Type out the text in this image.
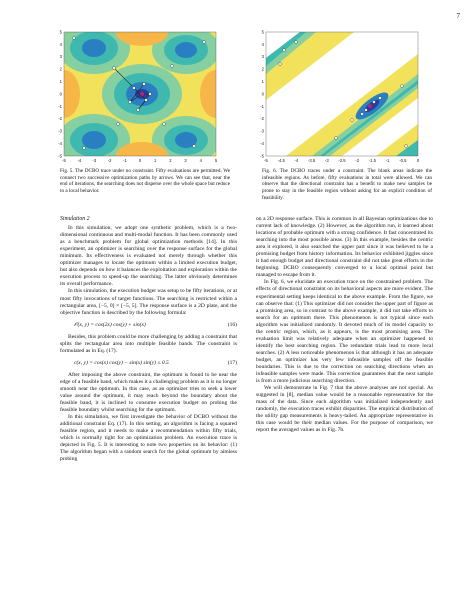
7
5
4
3
2
1
0
-1
-2
-3
-4
-5
-5	-4	-3	-2	-1	0	1	2	3	4	5
Fig. 5. The DCBO trace under no constraint. Fifty evaluations are permitted. We connect two successive optimization paths by arrows. We can see that, near the end of iterations, the searching does not disperse over the whole space but reduce to a local behavior.
5
4
3
2
1
0
-1
-2
-3
-4
-5
-5 -4.5 -4 -3.5 -3 -2.5 -2 -1.5 -1 -0.5 0
Fig. 6. The DCBO traces under a constraint. The blank areas indicate the infeasible regions. As before, fifty evaluations in total were allowed. We can observe that the directional constraint has a benefit to make new samples be prone to stay in the feasible region without asking for an explicit condition of feasibility.
Simulation 2

In this simulation, we adopt one synthetic problem, which is a two-dimensional continuous and multi-modal function. It has been commonly used as a benchmark problem for global optimization methods [14]. In this experiment, an optimizer is searching over the response surface for the global minimum. Its effectiveness is evaluated not merely through whether this optimizer manages to locate the optimum within a limited execution budget, but also depends on how it balances the exploitation and exploration within the execution process to speed-up the searching. The latter obviously determines its overall performance.

In this simulation, the execution budget was setup to be fifty iterations, or at most fifty invocations of target functions. The searching is restricted within a rectangular area, [−5, 0] × [−5, 5]. The response surface is a 2D plate, and the objective function is described by the following formula:

𝒪(x, y) = cos(2x) cos(y) + sin(x)	(16)

Besides, this problem could be more challenging by adding a constraint that splits the rectangular area into multiple feasible bands. The constraint is formulated as in Eq. (17).

c(x, y) = cos(x) cos(y) − sin(x) sin(y) ≤ 0.5	(17)

After imposing the above constraint, the optimum is found to be near the edge of a feasible band, which makes it a challenging problem as it is no longer smooth near the optimum. In this case, as an optimizer tries to seek a lower value around the optimum, it may reach beyond the boundary about the feasible band, it is inclined to consume execution budget on probing the feasible boundary whilst searching for the optimum.

In this simulation, we first investigate the behavior of DCBO without the additional constraint Eq. (17). In this setting, an algorithm is facing a squared feasible region, and it needs to make a recommendation within fifty trials, which is normally tight for an optimization problem. An execution trace is depicted in Fig. 5. It is interesting to note two properties on its behavior: (1) The algorithm began with a random search for the global optimum by aimless probing

on a 2D response surface. This is common in all Bayesian optimizations due to current lack of knowledge. (2) However, as the algorithm run, it learned about locations of probable optimum with a strong confidence. It fast concentrated its searching into the most possible areas. (3) In this example, besides the centric area it explored, it also searched the upper part since it was believed to be a promising budget from history information. Its behavior exhibited jiggles since it had enough budget and directional constraint did not take great efforts in the beginning. DCBO consequently converged to a local optimal point but managed to escape from it.

In Fig. 6, we elucidate an execution trace on the constrained problem. The effects of directional constraint on its behavioral aspects are more evident. The experimental setting keeps identical to the above example. From the figure, we can observe that: (1) This optimizer did not consider the upper part of figure as a promising area, so in contrast to the above example, it did not take efforts to search for an optimum there. This phenomenon is not typical since each algorithm was initialized randomly. It devoted much of its model capacity to the centric region, which, as it appears, is the most promising area. The evaluation limit was relatively adequate when an optimizer happened to identify the best searching region. The redundant trials lead to more local searches. (2) A less noticeable phenomenon is that although it has an adequate budget, an optimizer has very few infeasible samples off the feasible boundaries. This is due to the correction on searching directions when an infeasible samples were made. This correction guarantees that the next sample is from a more judicious searching direction.

We will demonstrate in Fig. 7 that the above analyses are not special. As suggested in [8], median value would be a reasonable representative for the mass of the data. Since each algorithm was initialized independently and randomly, the execution traces exhibit disparities. The empirical distribution of the utility gap measurements is heavy-tailed. An appropriate representative in this case would be their median values. For the purpose of comparison, we report the averaged values as in Fig. 7b.
